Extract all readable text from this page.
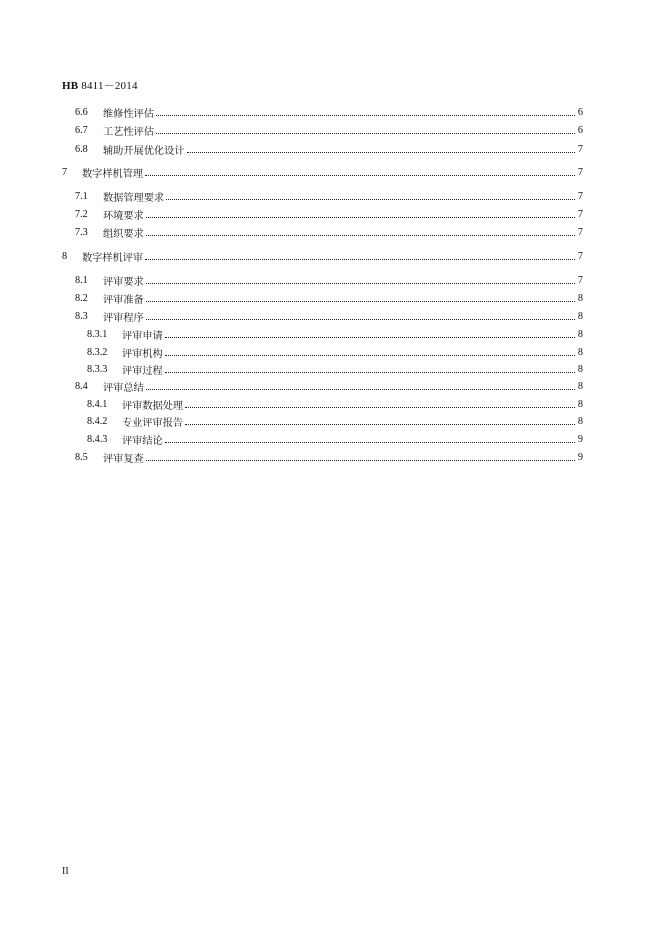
HB 8411－2014
6.6	维修性评估	6
6.7	工艺性评估	6
6.8	辅助开展优化设计	7
7	数字样机管理	7
7.1	数据管理要求	7
7.2	环境要求	7
7.3	组织要求	7
8	数字样机评审	7
8.1	评审要求	7
8.2	评审准备	8
8.3	评审程序	8
8.3.1	评审申请	8
8.3.2	评审机构	8
8.3.3	评审过程	8
8.4	评审总结	8
8.4.1	评审数据处理	8
8.4.2	专业评审报告	8
8.4.3	评审结论	9
8.5	评审复查	9
II
